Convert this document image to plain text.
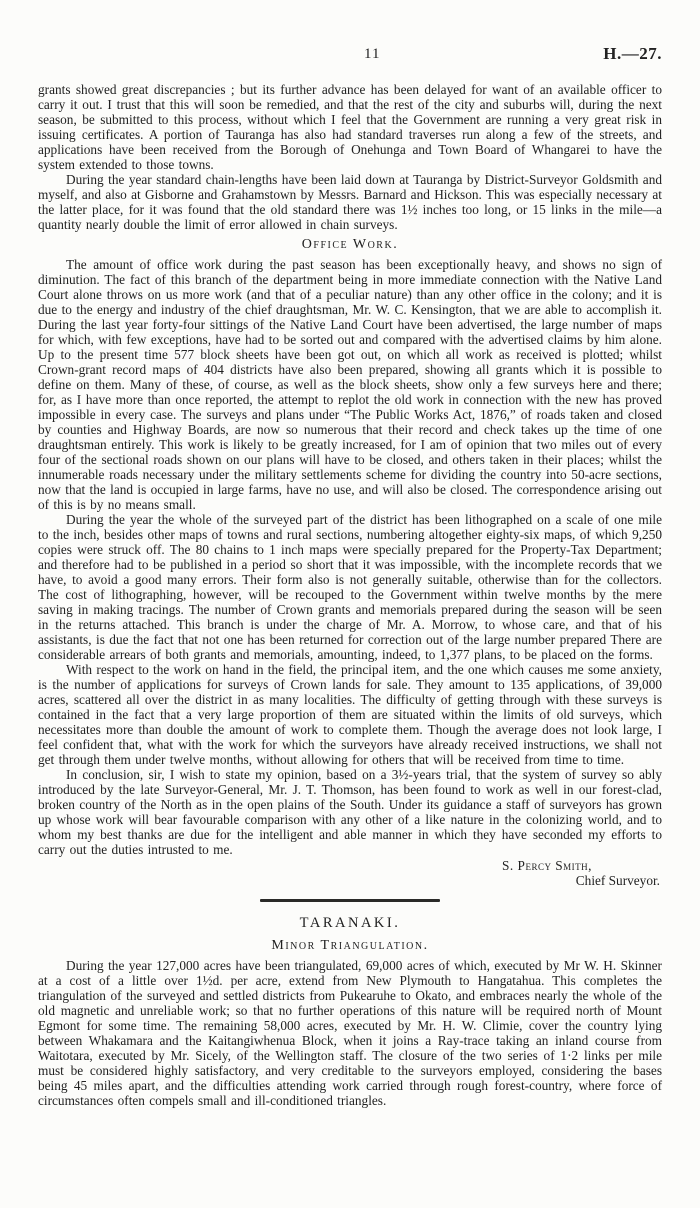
11	H.—27.

grants showed great discrepancies ; but its further advance has been delayed for want of an available officer to carry it out. I trust that this will soon be remedied, and that the rest of the city and suburbs will, during the next season, be submitted to this process, without which I feel that the Government are running a very great risk in issuing certificates. A portion of Tauranga has also had standard traverses run along a few of the streets, and applications have been received from the Borough of Onehunga and Town Board of Whangarei to have the system extended to those towns.

During the year standard chain-lengths have been laid down at Tauranga by District-Surveyor Goldsmith and myself, and also at Gisborne and Grahamstown by Messrs. Barnard and Hickson. This was especially necessary at the latter place, for it was found that the old standard there was 1½ inches too long, or 15 links in the mile—a quantity nearly double the limit of error allowed in chain surveys.

Office Work.

The amount of office work during the past season has been exceptionally heavy, and shows no sign of diminution. The fact of this branch of the department being in more immediate connection with the Native Land Court alone throws on us more work (and that of a peculiar nature) than any other office in the colony; and it is due to the energy and industry of the chief draughtsman, Mr. W. C. Kensington, that we are able to accomplish it. During the last year forty-four sittings of the Native Land Court have been advertised, the large number of maps for which, with few exceptions, have had to be sorted out and compared with the advertised claims by him alone. Up to the present time 577 block sheets have been got out, on which all work as received is plotted; whilst Crown-grant record maps of 404 districts have also been prepared, showing all grants which it is possible to define on them. Many of these, of course, as well as the block sheets, show only a few surveys here and there; for, as I have more than once reported, the attempt to replot the old work in connection with the new has proved impossible in every case. The surveys and plans under “The Public Works Act, 1876,” of roads taken and closed by counties and Highway Boards, are now so numerous that their record and check takes up the time of one draughtsman entirely. This work is likely to be greatly increased, for I am of opinion that two miles out of every four of the sectional roads shown on our plans will have to be closed, and others taken in their places; whilst the innumerable roads necessary under the military settlements scheme for dividing the country into 50-acre sections, now that the land is occupied in large farms, have no use, and will also be closed. The correspondence arising out of this is by no means small.

During the year the whole of the surveyed part of the district has been lithographed on a scale of one mile to the inch, besides other maps of towns and rural sections, numbering altogether eighty-six maps, of which 9,250 copies were struck off. The 80 chains to 1 inch maps were specially prepared for the Property-Tax Department; and therefore had to be published in a period so short that it was impossible, with the incomplete records that we have, to avoid a good many errors. Their form also is not generally suitable, otherwise than for the collectors. The cost of lithographing, however, will be recouped to the Government within twelve months by the mere saving in making tracings. The number of Crown grants and memorials prepared during the season will be seen in the returns attached. This branch is under the charge of Mr. A. Morrow, to whose care, and that of his assistants, is due the fact that not one has been returned for correction out of the large number prepared There are considerable arrears of both grants and memorials, amounting, indeed, to 1,377 plans, to be placed on the forms.

With respect to the work on hand in the field, the principal item, and the one which causes me some anxiety, is the number of applications for surveys of Crown lands for sale. They amount to 135 applications, of 39,000 acres, scattered all over the district in as many localities. The difficulty of getting through with these surveys is contained in the fact that a very large proportion of them are situated within the limits of old surveys, which necessitates more than double the amount of work to complete them. Though the average does not look large, I feel confident that, what with the work for which the surveyors have already received instructions, we shall not get through them under twelve months, without allowing for others that will be received from time to time.

In conclusion, sir, I wish to state my opinion, based on a 3½-years trial, that the system of survey so ably introduced by the late Surveyor-General, Mr. J. T. Thomson, has been found to work as well in our forest-clad, broken country of the North as in the open plains of the South. Under its guidance a staff of surveyors has grown up whose work will bear favourable comparison with any other of a like nature in the colonizing world, and to whom my best thanks are due for the intelligent and able manner in which they have seconded my efforts to carry out the duties intrusted to me.

S. Percy Smith,
Chief Surveyor.
TARANAKI.
Minor Triangulation.

During the year 127,000 acres have been triangulated, 69,000 acres of which, executed by Mr W. H. Skinner at a cost of a little over 1½d. per acre, extend from New Plymouth to Hangatahua. This completes the triangulation of the surveyed and settled districts from Pukearuhe to Okato, and embraces nearly the whole of the old magnetic and unreliable work; so that no further operations of this nature will be required north of Mount Egmont for some time. The remaining 58,000 acres, executed by Mr. H. W. Climie, cover the country lying between Whakamara and the Kaitangiwhenua Block, when it joins a Ray-trace taking an inland course from Waitotara, executed by Mr. Sicely, of the Wellington staff. The closure of the two series of 1·2 links per mile must be considered highly satisfactory, and very creditable to the surveyors employed, considering the bases being 45 miles apart, and the difficulties attending work carried through rough forest-country, where force of circumstances often compels small and ill-conditioned triangles.
